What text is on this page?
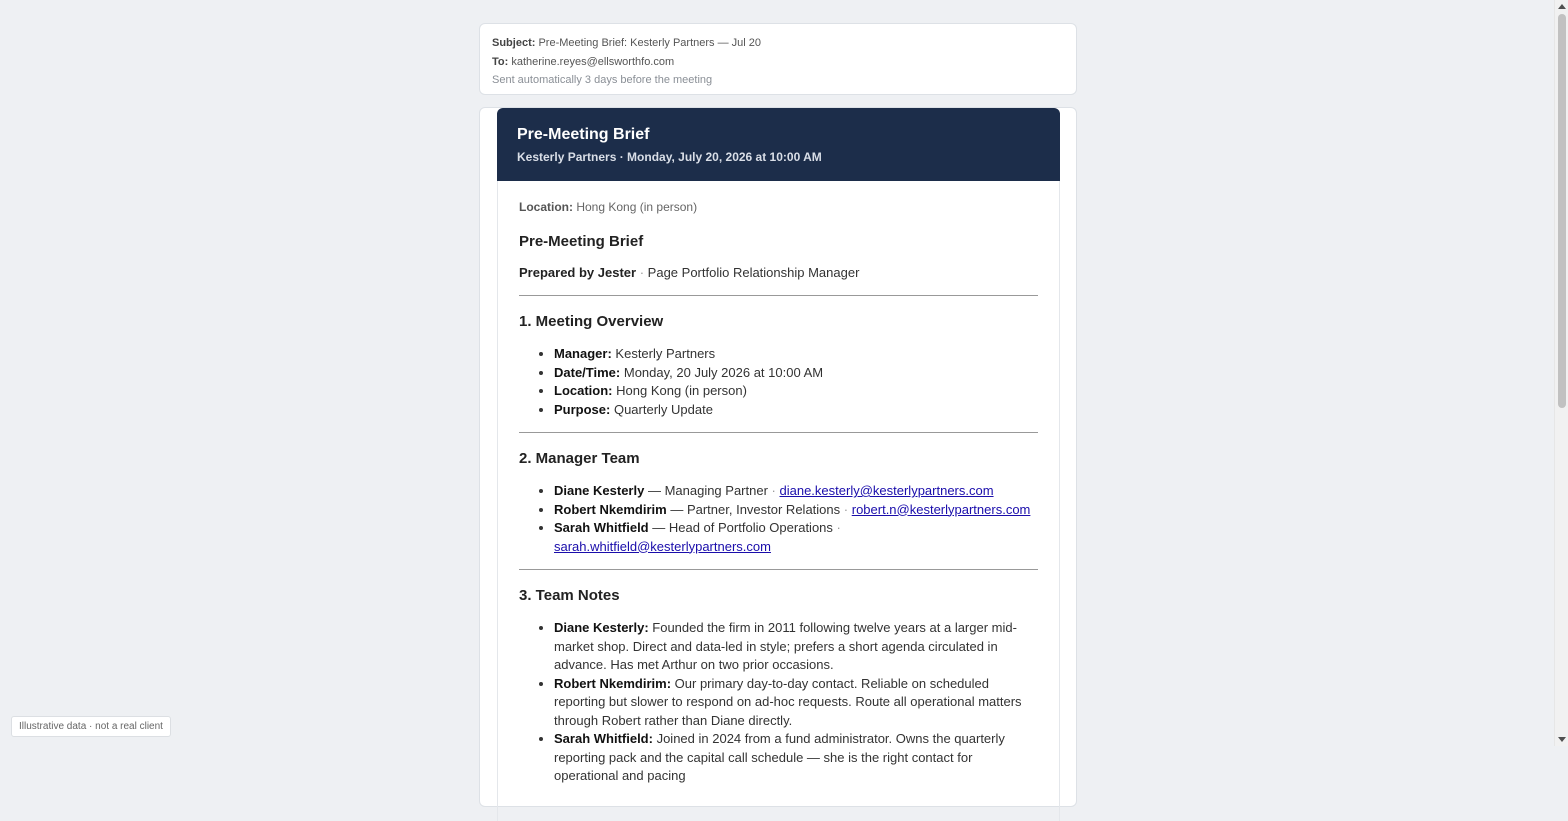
Subject: Pre-Meeting Brief: Kesterly Partners — Jul 20
To: katherine.reyes@ellsworthfo.com
Sent automatically 3 days before the meeting
Pre-Meeting Brief
Kesterly Partners · Monday, July 20, 2026 at 10:00 AM
Location: Hong Kong (in person)
Pre-Meeting Brief
Prepared by Jester · Page Portfolio Relationship Manager
1. Meeting Overview
• Manager: Kesterly Partners
• Date/Time: Monday, 20 July 2026 at 10:00 AM
• Location: Hong Kong (in person)
• Purpose: Quarterly Update
2. Manager Team
• Diane Kesterly — Managing Partner · diane.kesterly@kesterlypartners.com
• Robert Nkemdirim — Partner, Investor Relations · robert.n@kesterlypartners.com
• Sarah Whitfield — Head of Portfolio Operations · sarah.whitfield@kesterlypartners.com
3. Team Notes
• Diane Kesterly: Founded the firm in 2011 following twelve years at a larger mid-market shop. Direct and data-led in style; prefers a short agenda circulated in advance. Has met Arthur on two prior occasions.
• Robert Nkemdirim: Our primary day-to-day contact. Reliable on scheduled reporting but slower to respond on ad-hoc requests. Route all operational matters through Robert rather than Diane directly.
• Sarah Whitfield: Joined in 2024 from a fund administrator. Owns the quarterly reporting pack and the capital call schedule — she is the right contact for operational and pacing
Illustrative data · not a real client
